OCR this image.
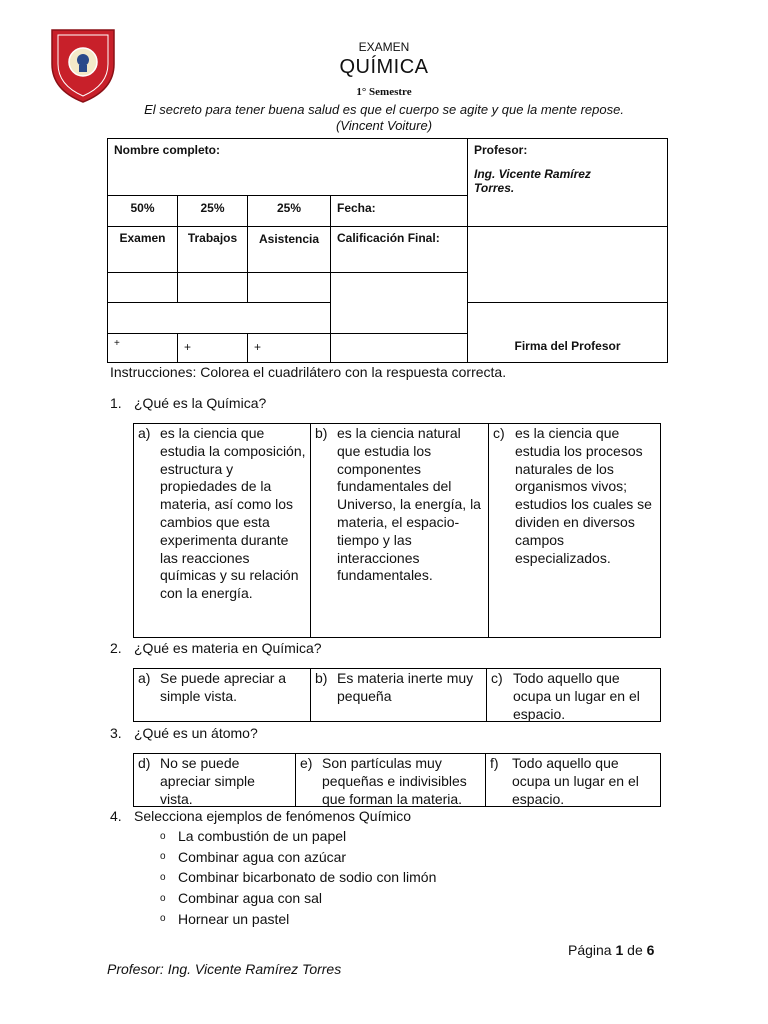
EXAMEN
QUÍMICA
1° Semestre
El secreto para tener buena salud es que el cuerpo se agite y que la mente repose.
(Vincent Voiture)
Nombre completo:	Profesor:
Ing. Vicente Ramírez Torres.
50%	25%	25%	Fecha:
Examen	Trabajos	Asistencia	Calificación Final:
Firma del Profesor
+	+	+
Instrucciones: Colorea el cuadrilátero con la respuesta correcta.
1. ¿Qué es la Química?
a) es la ciencia que estudia la composición, estructura y propiedades de la materia, así como los cambios que esta experimenta durante las reacciones químicas y su relación con la energía.
b) es la ciencia natural que estudia los componentes fundamentales del Universo, la energía, la materia, el espacio-tiempo y las interacciones fundamentales.
c) es la ciencia que estudia los procesos naturales de los organismos vivos; estudios los cuales se dividen en diversos campos especializados.
2. ¿Qué es materia en Química?
a) Se puede apreciar a simple vista.
b) Es materia inerte muy pequeña
c) Todo aquello que ocupa un lugar en el espacio.
3. ¿Qué es un átomo?
d) No se puede apreciar simple vista.
e) Son partículas muy pequeñas e indivisibles que forman la materia.
f) Todo aquello que ocupa un lugar en el espacio.
4. Selecciona ejemplos de fenómenos Químico
o La combustión de un papel
o Combinar agua con azúcar
o Combinar bicarbonato de sodio con limón
o Combinar agua con sal
o Hornear un pastel
Página 1 de 6
Profesor: Ing. Vicente Ramírez Torres
